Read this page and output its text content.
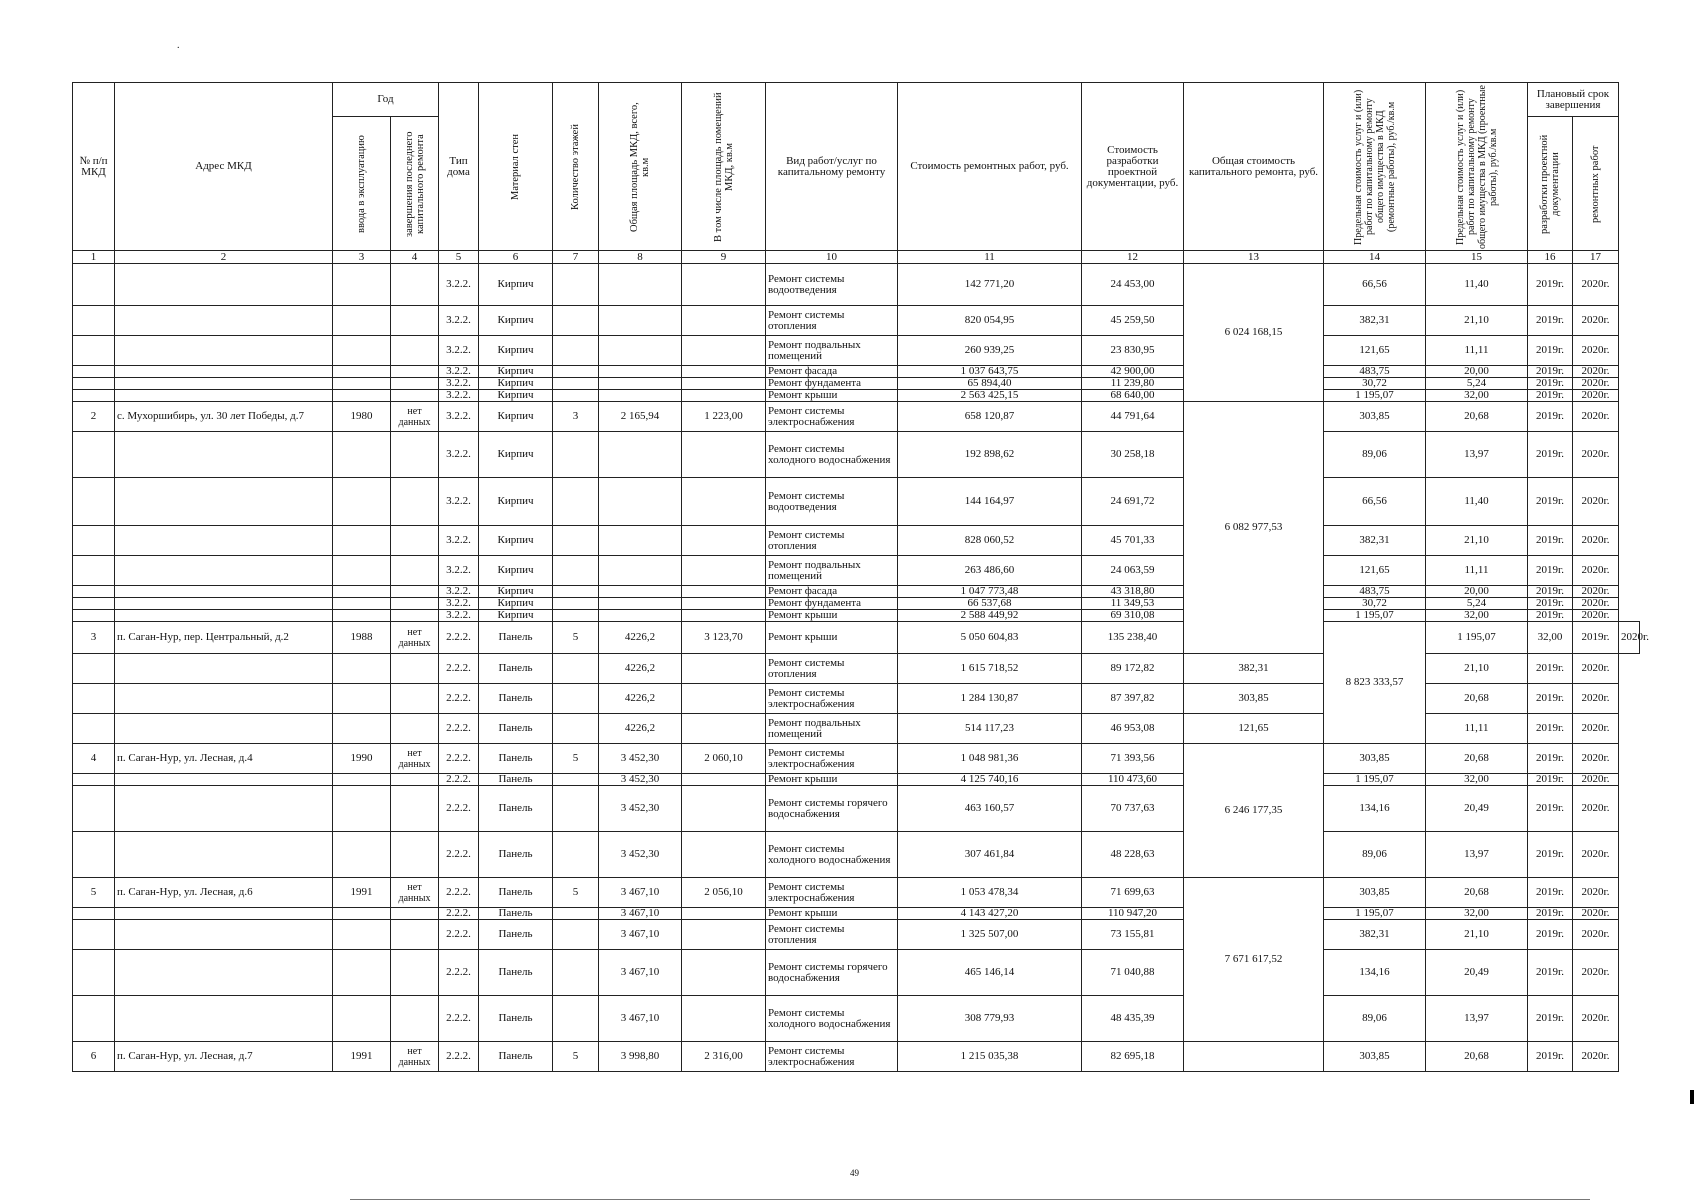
.
№ п/п МКД	Адрес МКД	Год		Тип дома	Материал стен	Количество этажей	Общая площадь МКД, всего, кв.м	В том числе площадь помещений МКД, кв.м	Вид работ/услуг по капитальному ремонту	Стоимость ремонтных работ, руб.	Стоимость разработки проектной документации, руб.	Общая стоимость капитального ремонта, руб.	Предельная стоимость услуг и (или) работ по капитальному ремонту общего имущества в МКД (ремонтные работы), руб./кв.м	Предельная стоимость услуг и (или) работ по капитальному ремонту общего имущества в МКД (проектные работы), руб./кв.м	Плановый срок завершения		

		ввода в эксплуатацию	завершения последнего капитального ремонта												разработки проектной документации	ремонтных работ	

1	2	3	4	5	6	7	8	9	10	11	12	13	14	15	16	17	
				3.2.2.	Кирпич				Ремонт системы водоотведения	142 771,20	24 453,00	6 024 168,15	66,56	11,40	2019г.	2020г.	
				3.2.2.	Кирпич				Ремонт системы отопления	820 054,95	45 259,50		382,31	21,10	2019г.	2020г.	
				3.2.2.	Кирпич				Ремонт подвальных помещений	260 939,25	23 830,95		121,65	11,11	2019г.	2020г.	
				3.2.2.	Кирпич				Ремонт фасада	1 037 643,75	42 900,00		483,75	20,00	2019г.	2020г.	
				3.2.2.	Кирпич				Ремонт фундамента	65 894,40	11 239,80		30,72	5,24	2019г.	2020г.	
				3.2.2.	Кирпич				Ремонт крыши	2 563 425,15	68 640,00		1 195,07	32,00	2019г.	2020г.	
2	с. Мухоршибирь, ул. 30 лет Победы, д.7	1980	нет данных	3.2.2.	Кирпич	3	2 165,94	1 223,00	Ремонт системы электроснабжения	658 120,87	44 791,64	6 082 977,53	303,85	20,68	2019г.	2020г.	
				3.2.2.	Кирпич				Ремонт системы холодного водоснабжения	192 898,62	30 258,18		89,06	13,97	2019г.	2020г.	
				3.2.2.	Кирпич				Ремонт системы водоотведения	144 164,97	24 691,72		66,56	11,40	2019г.	2020г.	
				3.2.2.	Кирпич				Ремонт системы отопления	828 060,52	45 701,33		382,31	21,10	2019г.	2020г.	
				3.2.2.	Кирпич				Ремонт подвальных помещений	263 486,60	24 063,59		121,65	11,11	2019г.	2020г.	
				3.2.2.	Кирпич				Ремонт фасада	1 047 773,48	43 318,80		483,75	20,00	2019г.	2020г.	
				3.2.2.	Кирпич				Ремонт фундамента	66 537,68	11 349,53		30,72	5,24	2019г.	2020г.	
				3.2.2.	Кирпич				Ремонт крыши	2 588 449,92	69 310,08		1 195,07	32,00	2019г.	2020г.	
3	п. Саган-Нур, пер. Центральный, д.2	1988	нет данных	2.2.2.	Панель	5	4226,2	3 123,70	Ремонт крыши	5 050 604,83	135 238,40		8 823 333,57	1 195,07	32,00	2019г.	2020г.
				2.2.2.	Панель		4226,2		Ремонт системы отопления	1 615 718,52	89 172,82	382,31		21,10	2019г.	2020г.	
				2.2.2.	Панель		4226,2		Ремонт системы электроснабжения	1 284 130,87	87 397,82	303,85		20,68	2019г.	2020г.	
				2.2.2.	Панель		4226,2		Ремонт подвальных помещений	514 117,23	46 953,08	121,65		11,11	2019г.	2020г.	
4	п. Саган-Нур, ул. Лесная, д.4	1990	нет данных	2.2.2.	Панель	5	3 452,30	2 060,10	Ремонт системы электроснабжения	1 048 981,36	71 393,56	6 246 177,35	303,85	20,68	2019г.	2020г.	
				2.2.2.	Панель		3 452,30		Ремонт крыши	4 125 740,16	110 473,60		1 195,07	32,00	2019г.	2020г.	
				2.2.2.	Панель		3 452,30		Ремонт системы горячего водоснабжения	463 160,57	70 737,63		134,16	20,49	2019г.	2020г.	
				2.2.2.	Панель		3 452,30		Ремонт системы холодного водоснабжения	307 461,84	48 228,63		89,06	13,97	2019г.	2020г.	
5	п. Саган-Нур, ул. Лесная, д.6	1991	нет данных	2.2.2.	Панель	5	3 467,10	2 056,10	Ремонт системы электроснабжения	1 053 478,34	71 699,63	7 671 617,52	303,85	20,68	2019г.	2020г.	
				2.2.2.	Панель		3 467,10		Ремонт крыши	4 143 427,20	110 947,20		1 195,07	32,00	2019г.	2020г.	
				2.2.2.	Панель		3 467,10		Ремонт системы отопления	1 325 507,00	73 155,81		382,31	21,10	2019г.	2020г.	
				2.2.2.	Панель		3 467,10		Ремонт системы горячего водоснабжения	465 146,14	71 040,88		134,16	20,49	2019г.	2020г.	
				2.2.2.	Панель		3 467,10		Ремонт системы холодного водоснабжения	308 779,93	48 435,39		89,06	13,97	2019г.	2020г.	
6	п. Саган-Нур, ул. Лесная, д.7	1991	нет данных	2.2.2.	Панель	5	3 998,80	2 316,00	Ремонт системы электроснабжения	1 215 035,38	82 695,18		303,85	20,68	2019г.	2020г.	
49
